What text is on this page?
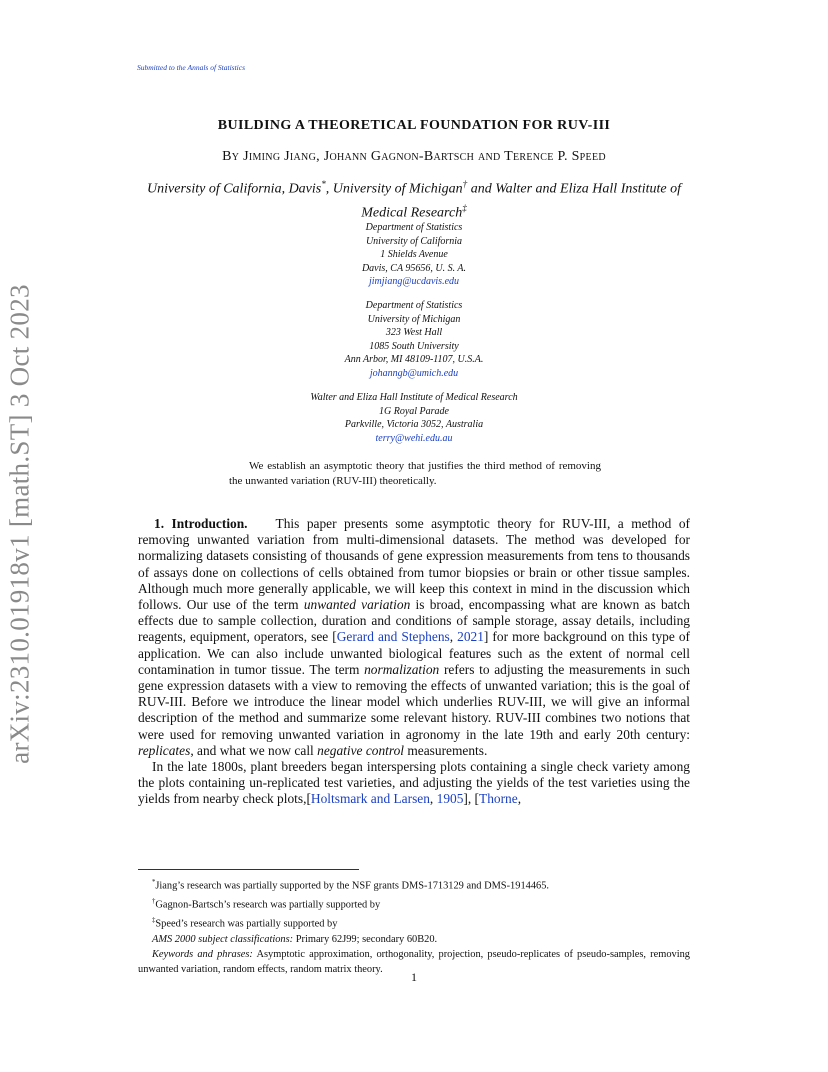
Submitted to the Annals of Statistics
arXiv:2310.01918v1 [math.ST] 3 Oct 2023
BUILDING A THEORETICAL FOUNDATION FOR RUV-III
By Jiming Jiang, Johann Gagnon-Bartsch and Terence P. Speed
University of California, Davis*, University of Michigan† and Walter and Eliza Hall Institute of Medical Research‡
Department of Statistics
University of California
1 Shields Avenue
Davis, CA 95656, U. S. A.
jimjiang@ucdavis.edu
Department of Statistics
University of Michigan
323 West Hall
1085 South University
Ann Arbor, MI 48109-1107, U.S.A.
johanngb@umich.edu
Walter and Eliza Hall Institute of Medical Research
1G Royal Parade
Parkville, Victoria 3052, Australia
terry@wehi.edu.au

We establish an asymptotic theory that justifies the third method of removing the unwanted variation (RUV-III) theoretically.

1. Introduction. This paper presents some asymptotic theory for RUV-III, a method of removing unwanted variation from multi-dimensional datasets. The method was developed for normalizing datasets consisting of thousands of gene expression measurements from tens to thousands of assays done on collections of cells obtained from tumor biopsies or brain or other tissue samples. Although much more generally applicable, we will keep this context in mind in the discussion which follows. Our use of the term unwanted variation is broad, encompassing what are known as batch effects due to sample collection, duration and conditions of sample storage, assay details, including reagents, equipment, operators, see [Gerard and Stephens, 2021] for more background on this type of application. We can also include unwanted biological features such as the extent of normal cell contamination in tumor tissue. The term normalization refers to adjusting the measurements in such gene expression datasets with a view to removing the effects of unwanted variation; this is the goal of RUV-III. Before we introduce the linear model which underlies RUV-III, we will give an informal description of the method and summarize some relevant history. RUV-III combines two notions that were used for removing unwanted variation in agronomy in the late 19th and early 20th century: replicates, and what we now call negative control measurements.

In the late 1800s, plant breeders began interspersing plots containing a single check variety among the plots containing un-replicated test varieties, and adjusting the yields of the test varieties using the yields from nearby check plots,[Holtsmark and Larsen, 1905], [Thorne,

*Jiang’s research was partially supported by the NSF grants DMS-1713129 and DMS-1914465.
†Gagnon-Bartsch’s research was partially supported by
‡Speed’s research was partially supported by
AMS 2000 subject classifications: Primary 62J99; secondary 60B20.
Keywords and phrases: Asymptotic approximation, orthogonality, projection, pseudo-replicates of pseudo-samples, removing unwanted variation, random effects, random matrix theory.
1
